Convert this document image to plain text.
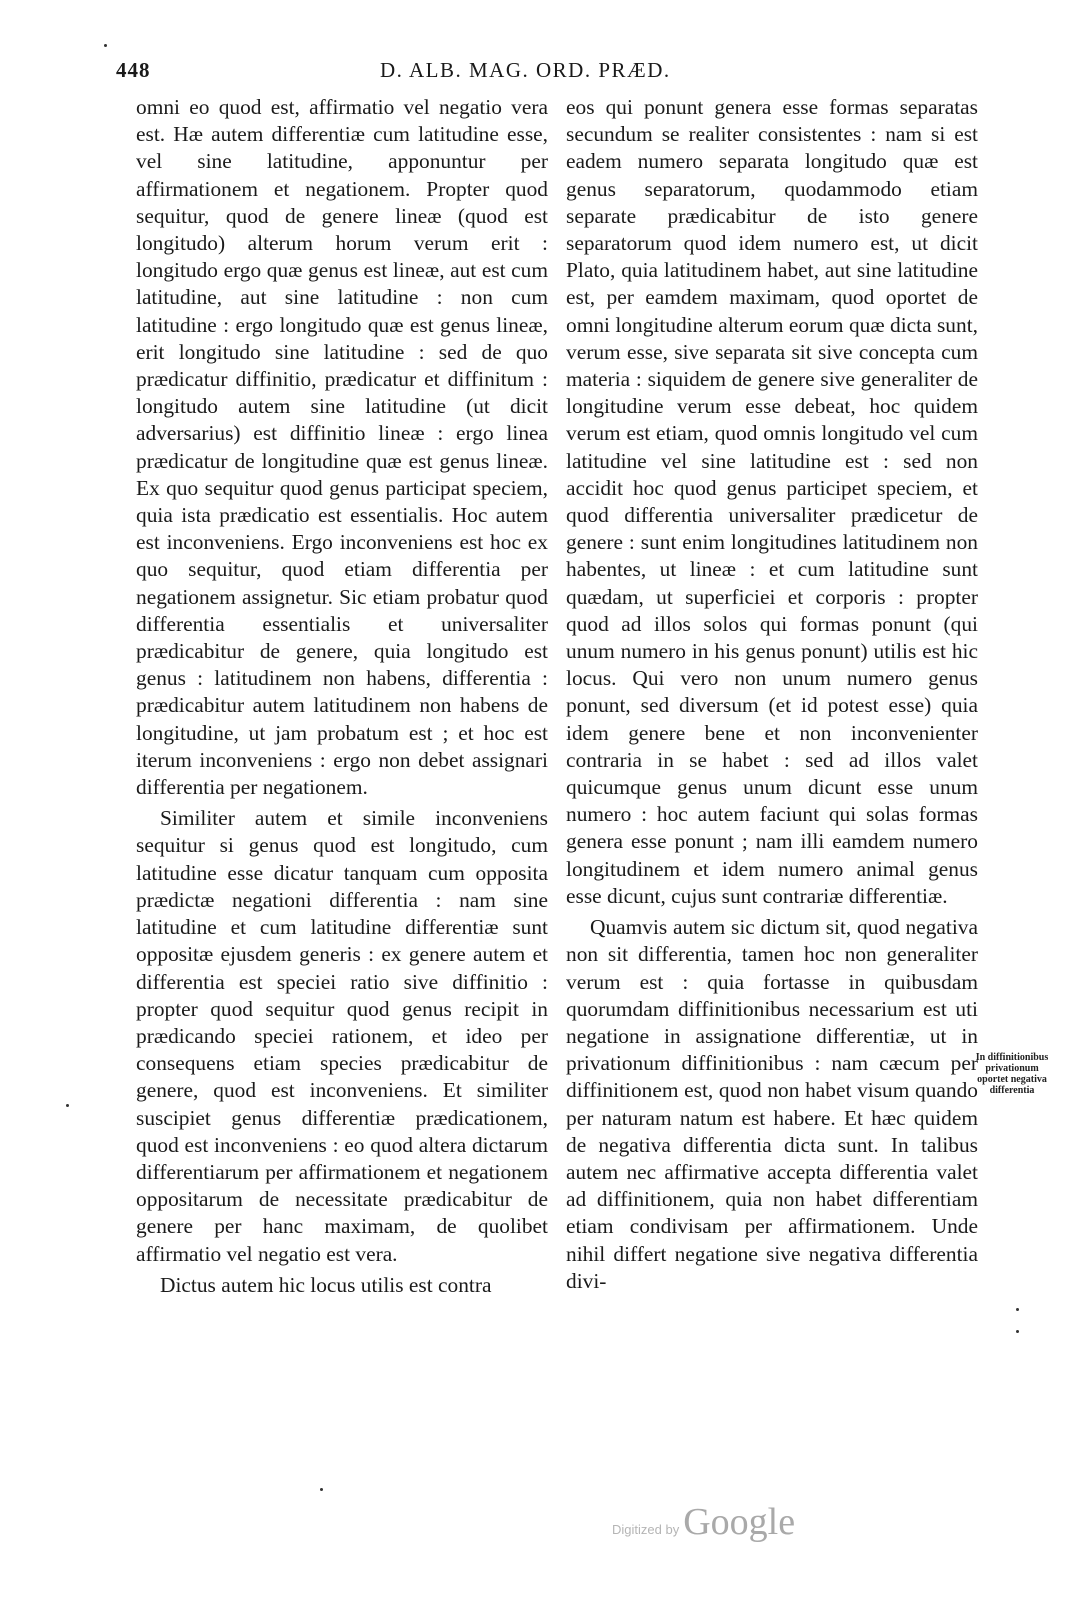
448	D. ALB. MAG. ORD. PRÆD.

omni eo quod est, affirmatio vel negatio vera est. Hæ autem differentiæ cum latitudine esse, vel sine latitudine, apponuntur per affirmationem et negationem. Propter quod sequitur, quod de genere lineæ (quod est longitudo) alterum horum verum erit : longitudo ergo quæ genus est lineæ, aut est cum latitudine, aut sine latitudine : non cum latitudine : ergo longitudo quæ est genus lineæ, erit longitudo sine latitudine : sed de quo prædicatur diffinitio, prædicatur et diffinitum : longitudo autem sine latitudine (ut dicit adversarius) est diffinitio lineæ : ergo linea prædicatur de longitudine quæ est genus lineæ. Ex quo sequitur quod genus participat speciem, quia ista prædicatio est essentialis. Hoc autem est inconveniens. Ergo inconveniens est hoc ex quo sequitur, quod etiam differentia per negationem assignetur. Sic etiam probatur quod differentia essentialis et universaliter prædicabitur de genere, quia longitudo est genus : latitudinem non habens, differentia : prædicabitur autem latitudinem non habens de longitudine, ut jam probatum est ; et hoc est iterum inconveniens : ergo non debet assignari differentia per negationem.

Similiter autem et simile inconveniens sequitur si genus quod est longitudo, cum latitudine esse dicatur tanquam cum opposita prædictæ negationi differentia : nam sine latitudine et cum latitudine differentiæ sunt oppositæ ejusdem generis : ex genere autem et differentia est speciei ratio sive diffinitio : propter quod sequitur quod genus recipit in prædicando speciei rationem, et ideo per consequens etiam species prædicabitur de genere, quod est inconveniens. Et similiter suscipiet genus differentiæ prædicationem, quod est inconveniens : eo quod altera dictarum differentiarum per affirmationem et negationem oppositarum de necessitate prædicabitur de genere per hanc maximam, de quolibet affirmatio vel negatio est vera.

Dictus autem hic locus utilis est contra

eos qui ponunt genera esse formas separatas secundum se realiter consistentes : nam si est eadem numero separata longitudo quæ est genus separatorum, quodammodo etiam separate prædicabitur de isto genere separatorum quod idem numero est, ut dicit Plato, quia latitudinem habet, aut sine latitudine est, per eamdem maximam, quod oportet de omni longitudine alterum eorum quæ dicta sunt, verum esse, sive separata sit sive concepta cum materia : siquidem de genere sive generaliter de longitudine verum esse debeat, hoc quidem verum est etiam, quod omnis longitudo vel cum latitudine vel sine latitudine est : sed non accidit hoc quod genus participet speciem, et quod differentia universaliter prædicetur de genere : sunt enim longitudines latitudinem non habentes, ut lineæ : et cum latitudine sunt quædam, ut superficiei et corporis : propter quod ad illos solos qui formas ponunt (qui unum numero in his genus ponunt) utilis est hic locus. Qui vero non unum numero genus ponunt, sed diversum (et id potest esse) quia idem genere bene et non inconvenienter contraria in se habet : sed ad illos valet quicumque genus unum dicunt esse unum numero : hoc autem faciunt qui solas formas genera esse ponunt ; nam illi eamdem numero longitudinem et idem numero animal genus esse dicunt, cujus sunt contrariæ differentiæ.

Quamvis autem sic dictum sit, quod negativa non sit differentia, tamen hoc non generaliter verum est : quia fortasse in quibusdam quorumdam diffinitionibus necessarium est uti negatione in assignatione differentiæ, ut in privationum diffinitionibus : nam cæcum per diffinitionem est, quod non habet visum quando per naturam natum est habere. Et hæc quidem de negativa differentia dicta sunt. In talibus autem nec affirmative accepta differentia valet ad diffinitionem, quia non habet differentiam etiam condivisam per affirmationem. Unde nihil differt negatione sive negativa differentia divi-

In diffinitionibus privationum oportet negativa differentia
Digitized by Google
